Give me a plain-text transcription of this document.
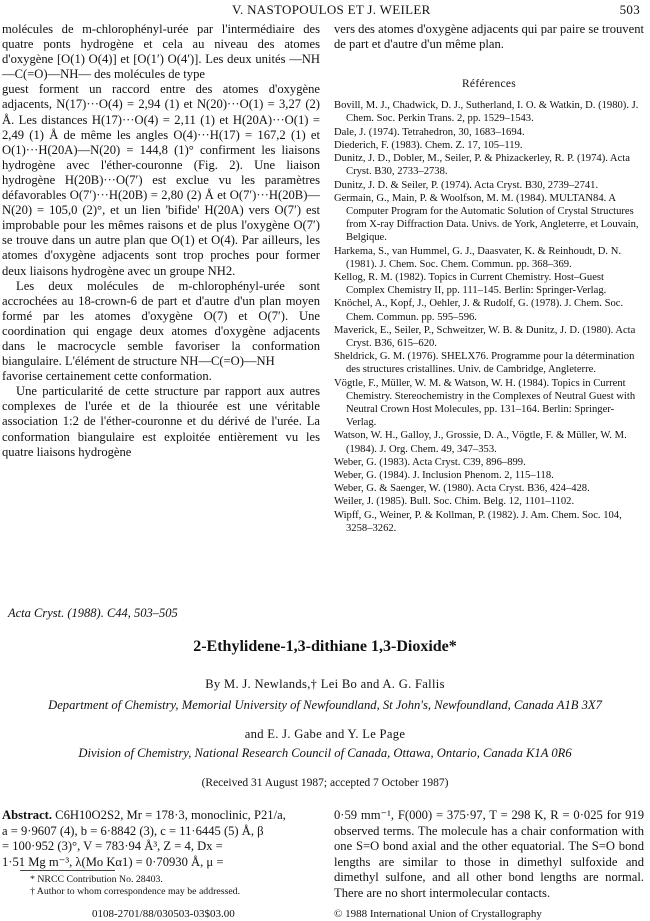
V. NASTOPOULOS ET J. WEILER	503

molécules de m-chlorophényl-urée par l'intermédiaire des quatre ponts hydrogène et cela au niveau des atomes d'oxygène [O(1) O(4)] et [O(1′) O(4′)]. Les deux unités —NH—C(=O)—NH— des molécules de type

guest forment un raccord entre des atomes d'oxygène adjacents, N(17)···O(4) = 2,94 (1) et N(20)···O(1) = 3,27 (2) Å. Les distances H(17)···O(4) = 2,11 (1) et H(20A)···O(1) = 2,49 (1) Å de même les angles O(4)···H(17) = 167,2 (1) et O(1)···H(20A)—N(20) = 144,8 (1)° confirment les liaisons hydrogène avec l'éther-couronne (Fig. 2). Une liaison hydrogène H(20B)···O(7′) est exclue vu les paramètres défavorables O(7′)···H(20B) = 2,80 (2) Å et O(7′)···H(20B)—N(20) = 105,0 (2)°, et un lien 'bifide' H(20A) vers O(7′) est improbable pour les mêmes raisons et de plus l'oxygène O(7′) se trouve dans un autre plan que O(1) et O(4). Par ailleurs, les atomes d'oxygène adjacents sont trop proches pour former deux liaisons hydrogène avec un groupe NH2.

Les deux molécules de m-chlorophényl-urée sont accrochées au 18-crown-6 de part et d'autre d'un plan moyen formé par les atomes d'oxygène O(7) et O(7′). Une coordination qui engage deux atomes d'oxygène adjacents dans le macrocycle semble favoriser la conformation biangulaire. L'élément de structure NH—C(=O)—NH

favorise certainement cette conformation.

Une particularité de cette structure par rapport aux autres complexes de l'urée et de la thiourée est une véritable association 1:2 de l'éther-couronne et du dérivé de l'urée. La conformation biangulaire est exploitée entièrement vu les quatre liaisons hydrogène

vers des atomes d'oxygène adjacents qui par paire se trouvent de part et d'autre d'un même plan.

Références

Bovill, M. J., Chadwick, D. J., Sutherland, I. O. & Watkin, D. (1980). J. Chem. Soc. Perkin Trans. 2, pp. 1529–1543.

Dale, J. (1974). Tetrahedron, 30, 1683–1694.

Diederich, F. (1983). Chem. Z. 17, 105–119.

Dunitz, J. D., Dobler, M., Seiler, P. & Phizackerley, R. P. (1974). Acta Cryst. B30, 2733–2738.

Dunitz, J. D. & Seiler, P. (1974). Acta Cryst. B30, 2739–2741.

Germain, G., Main, P. & Woolfson, M. M. (1984). MULTAN84. A Computer Program for the Automatic Solution of Crystal Structures from X-ray Diffraction Data. Univs. de York, Angleterre, et Louvain, Belgique.

Harkema, S., van Hummel, G. J., Daasvater, K. & Reinhoudt, D. N. (1981). J. Chem. Soc. Chem. Commun. pp. 368–369.

Kellog, R. M. (1982). Topics in Current Chemistry. Host–Guest Complex Chemistry II, pp. 111–145. Berlin: Springer-Verlag.

Knöchel, A., Kopf, J., Oehler, J. & Rudolf, G. (1978). J. Chem. Soc. Chem. Commun. pp. 595–596.

Maverick, E., Seiler, P., Schweitzer, W. B. & Dunitz, J. D. (1980). Acta Cryst. B36, 615–620.

Sheldrick, G. M. (1976). SHELX76. Programme pour la détermination des structures cristallines. Univ. de Cambridge, Angleterre.

Vögtle, F., Müller, W. M. & Watson, W. H. (1984). Topics in Current Chemistry. Stereochemistry in the Complexes of Neutral Guest with Neutral Crown Host Molecules, pp. 131–164. Berlin: Springer-Verlag.

Watson, W. H., Galloy, J., Grossie, D. A., Vögtle, F. & Müller, W. M. (1984). J. Org. Chem. 49, 347–353.

Weber, G. (1983). Acta Cryst. C39, 896–899.

Weber, G. (1984). J. Inclusion Phenom. 2, 115–118.

Weber, G. & Saenger, W. (1980). Acta Cryst. B36, 424–428.

Weiler, J. (1985). Bull. Soc. Chim. Belg. 12, 1101–1102.

Wipff, G., Weiner, P. & Kollman, P. (1982). J. Am. Chem. Soc. 104, 3258–3262.

Acta Cryst. (1988). C44, 503–505
2-Ethylidene-1,3-dithiane 1,3-Dioxide*
By M. J. Newlands,† Lei Bo and A. G. Fallis
Department of Chemistry, Memorial University of Newfoundland, St John's, Newfoundland, Canada A1B 3X7
and E. J. Gabe and Y. Le Page
Division of Chemistry, National Research Council of Canada, Ottawa, Ontario, Canada K1A 0R6
(Received 31 August 1987; accepted 7 October 1987)

Abstract. C6H10O2S2, Mr = 178·3, monoclinic, P21/a,

a = 9·9607 (4), b = 6·8842 (3), c = 11·6445 (5) Å, β

= 100·952 (3)°, V = 783·94 Å³, Z = 4, Dx =

1·51 Mg m⁻³, λ(Mo Kα1) = 0·70930 Å, μ =

0·59 mm⁻¹, F(000) = 375·97, T = 298 K, R = 0·025 for 919 observed terms. The molecule has a chair conformation with one S=O bond axial and the other equatorial. The S=O bond lengths are similar to those in dimethyl sulfoxide and dimethyl sulfone, and all other bond lengths are normal. There are no short intermolecular contacts.

* NRCC Contribution No. 28403.

† Author to whom correspondence may be addressed.

0108-2701/88/030503-03$03.00	© 1988 International Union of Crystallography
